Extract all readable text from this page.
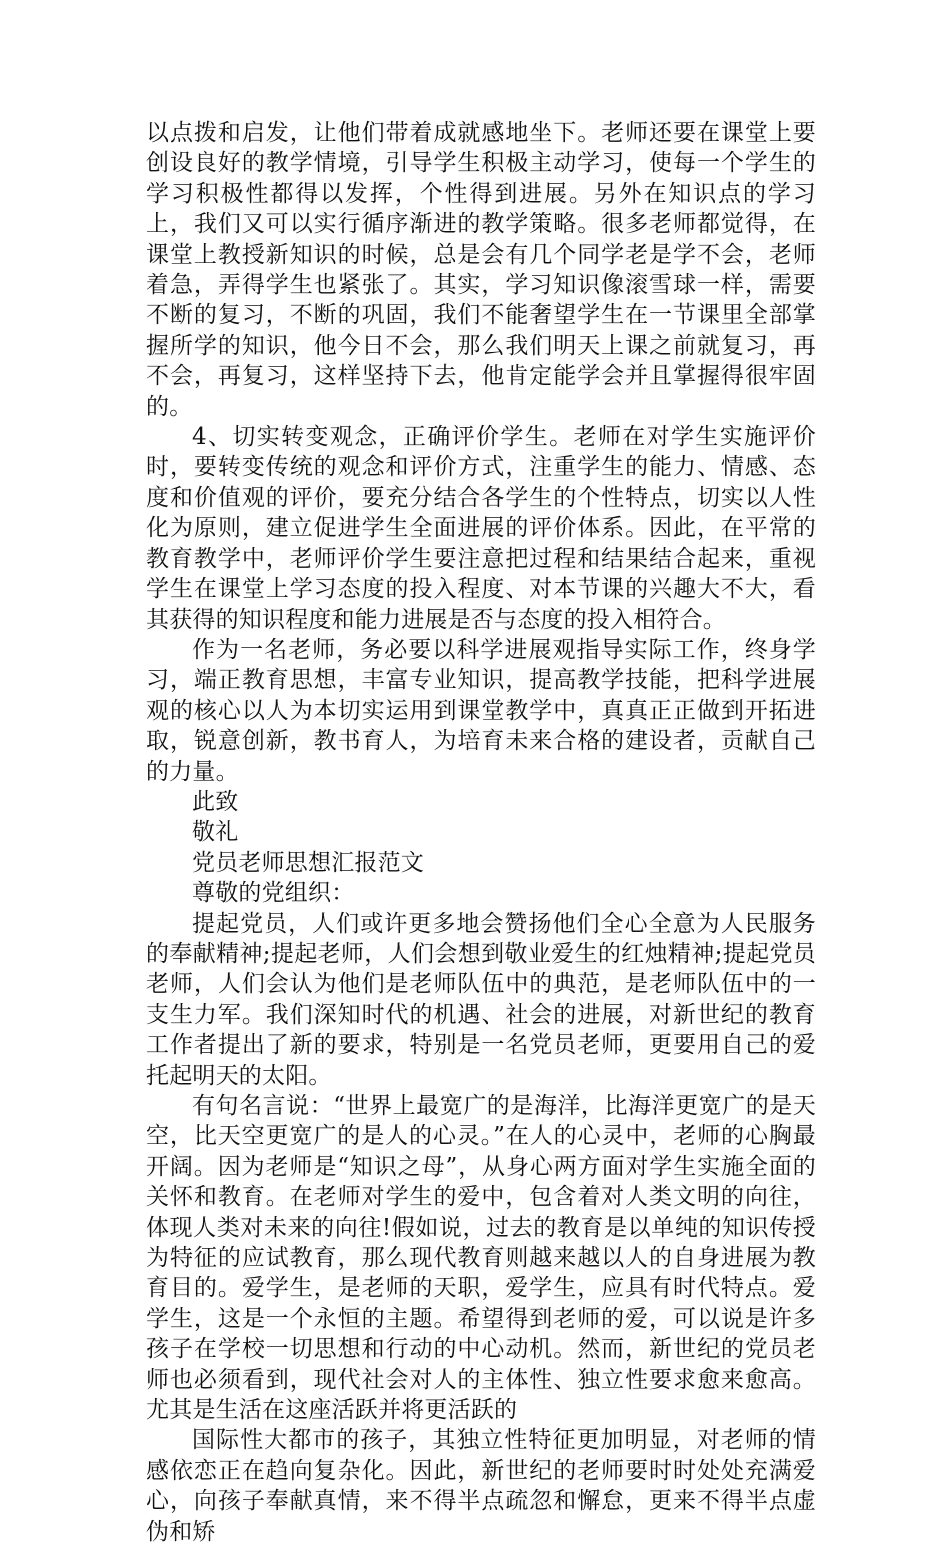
以点拨和启发，让他们带着成就感地坐下。老师还要在课堂上要创设良好的教学情境，引导学生积极主动学习，使每一个学生的学习积极性都得以发挥，个性得到进展。另外在知识点的学习上，我们又可以实行循序渐进的教学策略。很多老师都觉得，在课堂上教授新知识的时候，总是会有几个同学老是学不会，老师着急，弄得学生也紧张了。其实，学习知识像滚雪球一样，需要不断的复习，不断的巩固，我们不能奢望学生在一节课里全部掌握所学的知识，他今日不会，那么我们明天上课之前就复习，再不会，再复习，这样坚持下去，他肯定能学会并且掌握得很牢固的。

4、切实转变观念，正确评价学生。老师在对学生实施评价时，要转变传统的观念和评价方式，注重学生的能力、情感、态度和价值观的评价，要充分结合各学生的个性特点，切实以人性化为原则，建立促进学生全面进展的评价体系。因此，在平常的教育教学中，老师评价学生要注意把过程和结果结合起来，重视学生在课堂上学习态度的投入程度、对本节课的兴趣大不大，看其获得的知识程度和能力进展是否与态度的投入相符合。

作为一名老师，务必要以科学进展观指导实际工作，终身学习，端正教育思想，丰富专业知识，提高教学技能，把科学进展观的核心以人为本切实运用到课堂教学中，真真正正做到开拓进取，锐意创新，教书育人，为培育未来合格的建设者，贡献自己的力量。

此致

敬礼

党员老师思想汇报范文

尊敬的党组织：

提起党员，人们或许更多地会赞扬他们全心全意为人民服务的奉献精神;提起老师，人们会想到敬业爱生的红烛精神;提起党员老师，人们会认为他们是老师队伍中的典范，是老师队伍中的一支生力军。我们深知时代的机遇、社会的进展，对新世纪的教育工作者提出了新的要求，特别是一名党员老师，更要用自己的爱托起明天的太阳。

有句名言说：“世界上最宽广的是海洋，比海洋更宽广的是天空，比天空更宽广的是人的心灵。”在人的心灵中，老师的心胸最开阔。因为老师是“知识之母”，从身心两方面对学生实施全面的关怀和教育。在老师对学生的爱中，包含着对人类文明的向往，体现人类对未来的向往!假如说，过去的教育是以单纯的知识传授为特征的应试教育，那么现代教育则越来越以人的自身进展为教育目的。爱学生，是老师的天职，爱学生，应具有时代特点。爱学生，这是一个永恒的主题。希望得到老师的爱，可以说是许多孩子在学校一切思想和行动的中心动机。然而，新世纪的党员老师也必须看到，现代社会对人的主体性、独立性要求愈来愈高。尤其是生活在这座活跃并将更活跃的

国际性大都市的孩子，其独立性特征更加明显，对老师的情感依恋正在趋向复杂化。因此，新世纪的老师要时时处处充满爱心，向孩子奉献真情，来不得半点疏忽和懈怠，更来不得半点虚伪和矫
